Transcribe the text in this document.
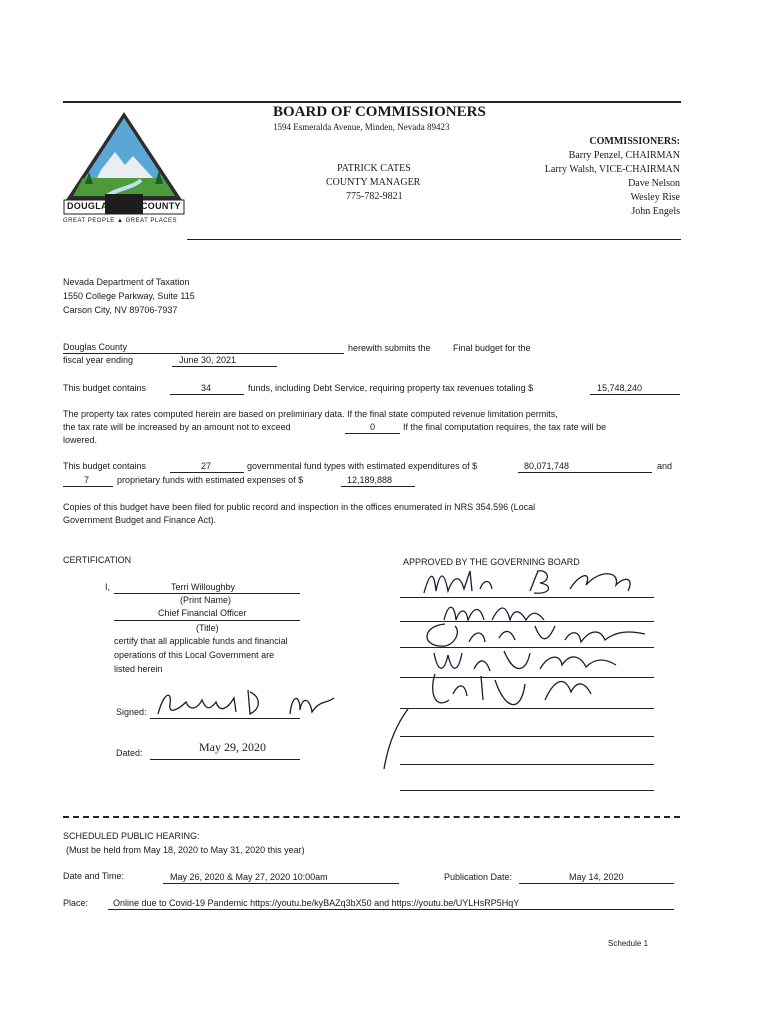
DOUGLAS	COUNTY
GREAT PEOPLE ▲ GREAT PLACES
BOARD OF COMMISSIONERS
1594 Esmeralda Avenue, Minden, Nevada 89423
PATRICK CATES
COUNTY MANAGER
775-782-9821
COMMISSIONERS:
Barry Penzel, CHAIRMAN
Larry Walsh, VICE-CHAIRMAN
Dave Nelson
Wesley Rise
John Engels
Nevada Department of Taxation
1550 College Parkway, Suite 115
Carson City, NV 89706-7937
Douglas County	herewith submits the Final budget for the
fiscal year ending	June 30, 2021
This budget contains	34	funds, including Debt Service, requiring property tax revenues totaling $	15,748,240
The property tax rates computed herein are based on preliminary data. If the final state computed revenue limitation permits,
the tax rate will be increased by an amount not to exceed	0	If the final computation requires, the tax rate will be
lowered.
This budget contains	27	governmental fund types with estimated expenditures of $	80,071,748	and
7	proprietary funds with estimated expenses of $	12,189,888
Copies of this budget have been filed for public record and inspection in the offices enumerated in NRS 354.596 (Local
Government Budget and Finance Act).
CERTIFICATION
I,	Terri Willoughby
(Print Name)
Chief Financial Officer
(Title)
certify that all applicable funds and financial
operations of this Local Government are
listed herein
Signed:
Dated:	May 29, 2020
APPROVED BY THE GOVERNING BOARD
SCHEDULED PUBLIC HEARING:
(Must be held from May 18, 2020 to May 31, 2020 this year)
Date and Time:	May 26, 2020 & May 27, 2020 10:00am	Publication Date:	May 14, 2020
Place:	Online due to Covid-19 Pandemic https://youtu.be/kyBAZq3bX50 and https://youtu.be/UYLHsRP5HqY
Schedule 1
